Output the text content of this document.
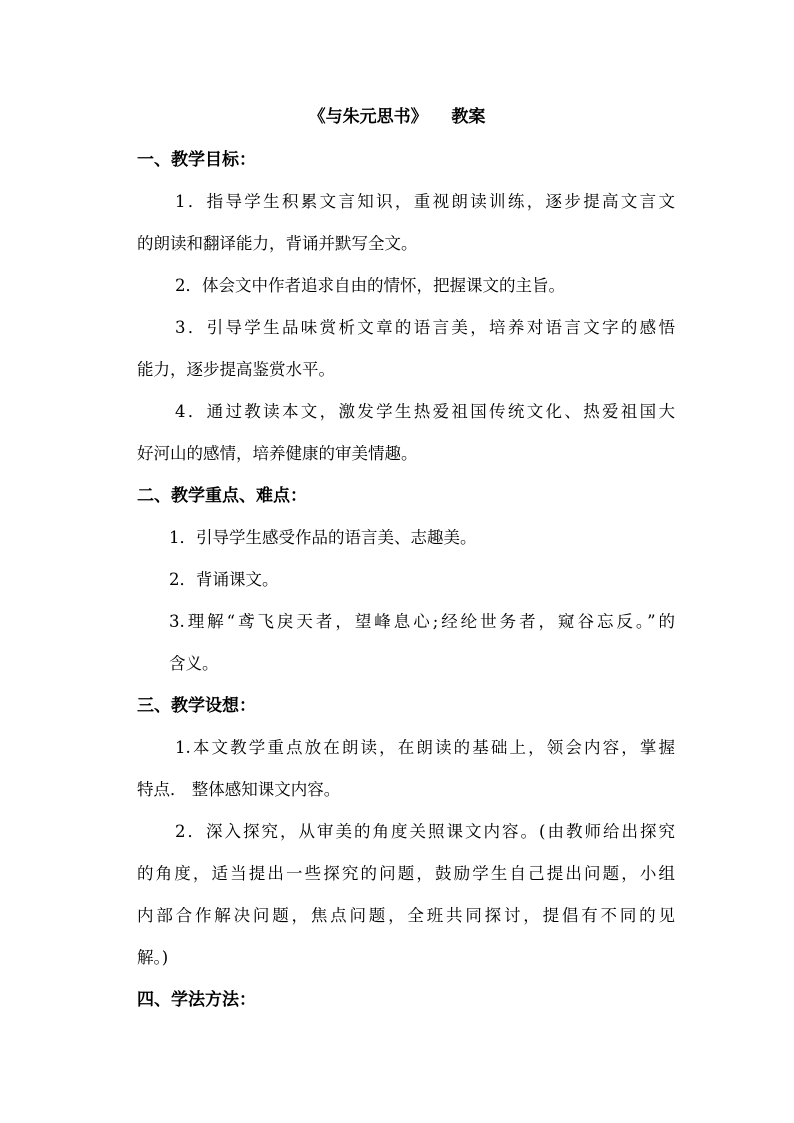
《与朱元思书》    教案
一、教学目标：
1．指导学生积累文言知识，重视朗读训练，逐步提高文言文
的朗读和翻译能力，背诵并默写全文。
2．体会文中作者追求自由的情怀，把握课文的主旨。
3．引导学生品味赏析文章的语言美，培养对语言文字的感悟
能力，逐步提高鉴赏水平。
4．通过教读本文，激发学生热爱祖国传统文化、热爱祖国大
好河山的感情，培养健康的审美情趣。
二、教学重点、难点：
1．引导学生感受作品的语言美、志趣美。
2．背诵课文。
3.理解“鸢飞戾天者，望峰息心;经纶世务者，窥谷忘反。”的
含义。
三、教学设想：
1.本文教学重点放在朗读，在朗读的基础上，领会内容，掌握
特点． 整体感知课文内容。
2．深入探究，从审美的角度关照课文内容。(由教师给出探究
的角度，适当提出一些探究的问题，鼓励学生自己提出问题，小组
内部合作解决问题，焦点问题，全班共同探讨，提倡有不同的见
解。)
四、学法方法：
